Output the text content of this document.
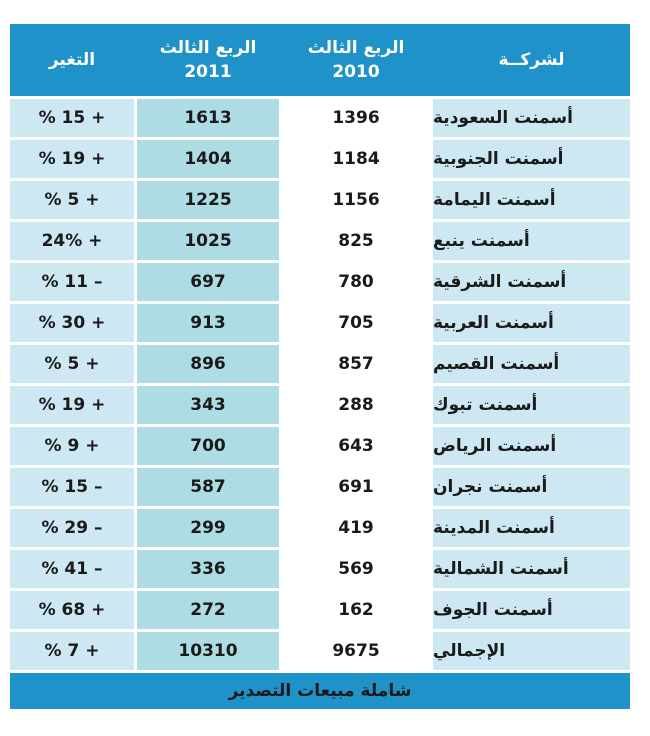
لشركــة
الربع الثالث
2010
الربع الثالث
2011
التغير
أسمنت السعودية
1396
1613
% 15 +
أسمنت الجنوبية
1184
1404
% 19 +
أسمنت اليمامة
1156
1225
% 5 +
أسمنت ينبع
825
1025
24% +
أسمنت الشرقية
780
697
% 11 –
أسمنت العربية
705
913
% 30 +
أسمنت القصيم
857
896
% 5 +
أسمنت تبوك
288
343
% 19 +
أسمنت الرياض
643
700
% 9 +
أسمنت نجران
691
587
% 15 –
أسمنت المدينة
419
299
% 29 –
أسمنت الشمالية
569
336
% 41 –
أسمنت الجوف
162
272
% 68 +
الإجمالي
9675
10310
% 7 +
شاملة مبيعات التصدير
